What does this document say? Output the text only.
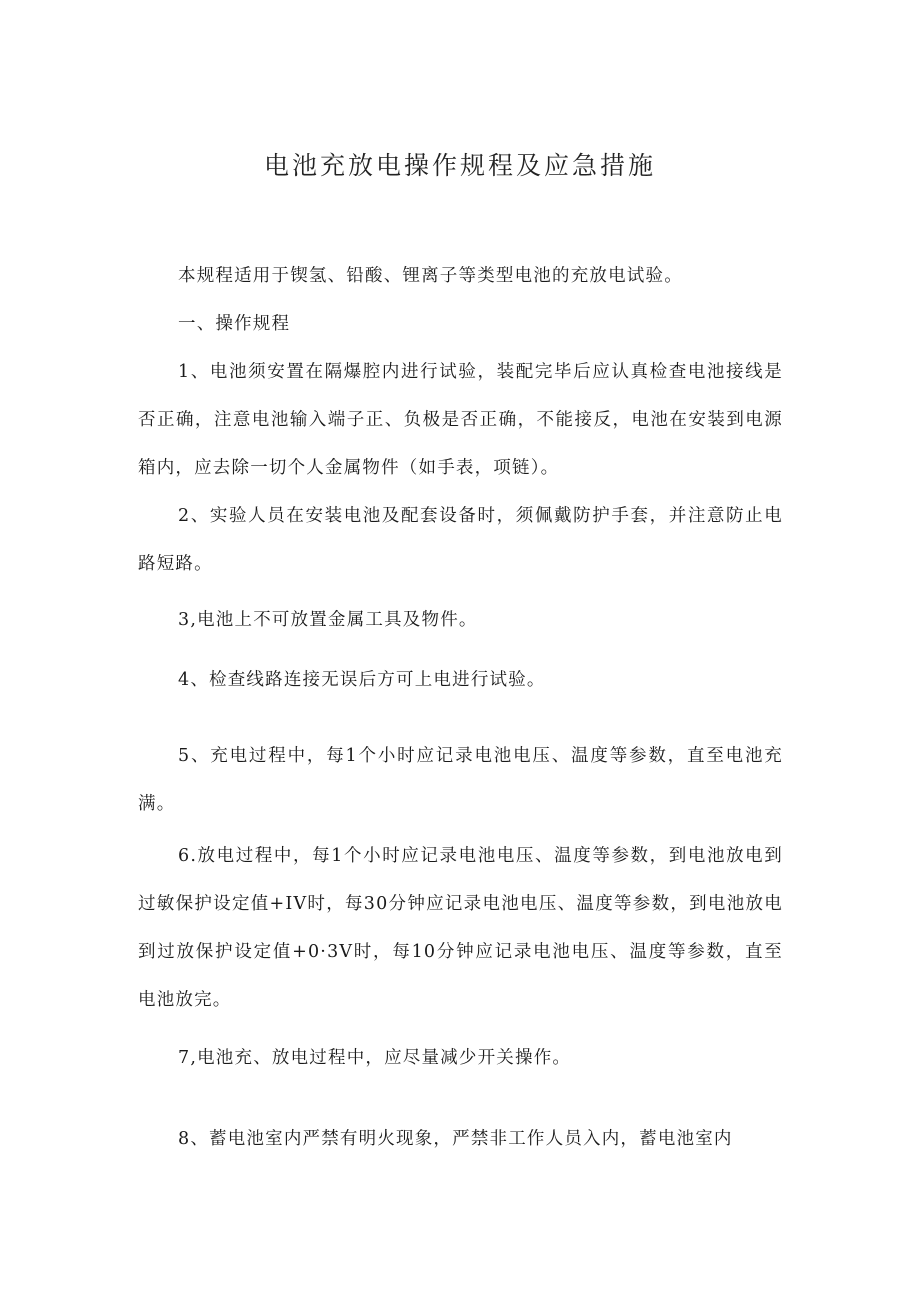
电池充放电操作规程及应急措施
本规程适用于锲氢、铅酸、锂离子等类型电池的充放电试验。
一、操作规程
1、电池须安置在隔爆腔内进行试验，装配完毕后应认真检查电池接线是否正确，注意电池输入端子正、负极是否正确，不能接反，电池在安装到电源箱内，应去除一切个人金属物件（如手表，项链）。
2、实验人员在安装电池及配套设备时，须佩戴防护手套，并注意防止电路短路。
3,电池上不可放置金属工具及物件。
4、检查线路连接无误后方可上电进行试验。
5、充电过程中，每1个小时应记录电池电压、温度等参数，直至电池充满。
6.放电过程中，每1个小时应记录电池电压、温度等参数，到电池放电到过敏保护设定值+IV时，每30分钟应记录电池电压、温度等参数，到电池放电到过放保护设定值+0·3V时，每10分钟应记录电池电压、温度等参数，直至电池放完。
7,电池充、放电过程中，应尽量减少开关操作。
8、蓄电池室内严禁有明火现象，严禁非工作人员入内，蓄电池室内
